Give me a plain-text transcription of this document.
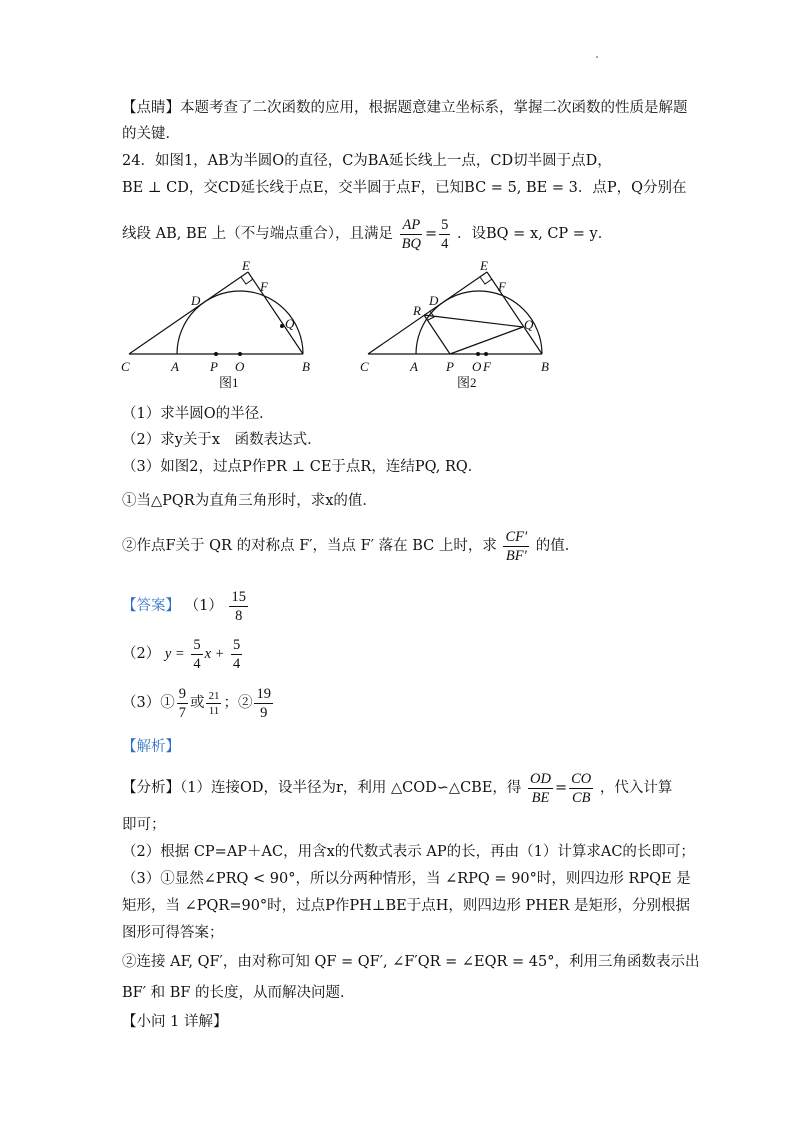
【点睛】本题考查了二次函数的应用，根据题意建立坐标系，掌握二次函数的性质是解题
的关键．
24．如图1，AB为半圆O的直径，C为BA延长线上一点，CD切半圆于点D，
BE ⊥ CD，交CD延长线于点E，交半圆于点F，已知BC = 5, BE = 3．点P，Q分别在
线段 AB, BE 上（不与端点重合），且满足 $\frac{AP}{BQ} = \frac{5}{4}$ ．设BQ = x, CP = y．
C	A P O	B
D
E
F
Q
图1
C	A P O F	B
D
R
E
F
Q
图2
（1）求半圆O的半径．
（2）求y关于x　函数表达式．
（3）如图2，过点P作PR ⊥ CE于点R，连结PQ, RQ．
①当△PQR为直角三角形时，求x的值．
②作点F关于 QR 的对称点 F′，当点 F′ 落在 BC 上时，求 $\frac{CF'}{BF'}$ 的值．
【答案】 $(1) \frac{15}{8}$
（2） $y = \frac{5}{4}$ $x + \frac{5}{4}$
（3）① $\frac{9}{7}$ 或 $\frac{21}{11}$ ；② $\frac{19}{9}$
【解析】
【分析】（1）连接OD，设半径为r，利用 △COD∽△CBE，得 $\frac{OD}{BE} = \frac{CO}{CB}$ ，代入计算
即可；
（2）根据 CP=AP＋AC，用含x的代数式表示 AP的长，再由（1）计算求AC的长即可；
（3）①显然∠PRQ < 90°，所以分两种情形，当 ∠RPQ = 90°时，则四边形 RPQE 是
矩形，当 ∠PQR=90°时，过点P作PH⊥BE于点H，则四边形 PHER 是矩形，分别根据
图形可得答案；
②连接 AF, QF′，由对称可知 QF = QF′, ∠F′QR = ∠EQR = 45°，利用三角函数表示出
BF′ 和 BF 的长度，从而解决问题．
【小问 1 详解】
